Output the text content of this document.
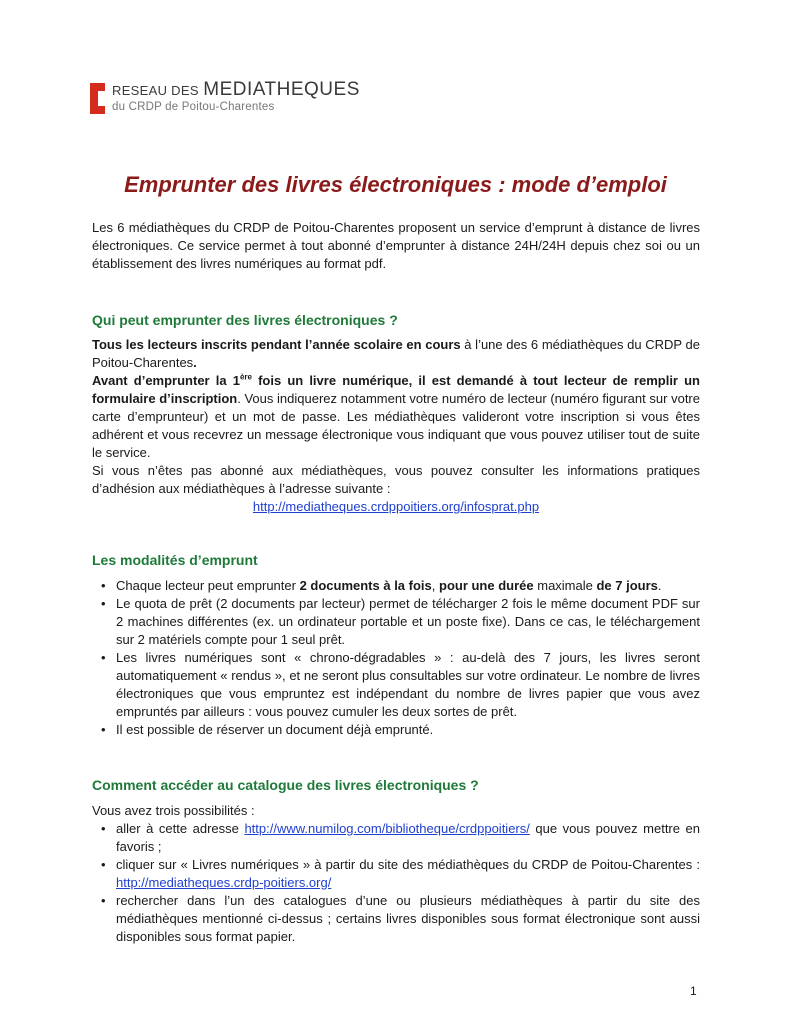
RESEAU DES MEDIATHEQUES
du CRDP de Poitou-Charentes
Emprunter des livres électroniques : mode d’emploi

Les 6 médiathèques du CRDP de Poitou-Charentes proposent un service d’emprunt à distance de livres électroniques. Ce service permet à tout abonné d’emprunter à distance 24H/24H depuis chez soi ou un établissement des livres numériques au format pdf.

Qui peut emprunter des livres électroniques ?

Tous les lecteurs inscrits pendant l’année scolaire en cours à l’une des 6 médiathèques du CRDP de Poitou-Charentes.

Avant d’emprunter la 1ère fois un livre numérique, il est demandé à tout lecteur de remplir un formulaire d’inscription. Vous indiquerez notamment votre numéro de lecteur (numéro figurant sur votre carte d’emprunteur) et un mot de passe. Les médiathèques valideront votre inscription si vous êtes adhérent et vous recevrez un message électronique vous indiquant que vous pouvez utiliser tout de suite le service.

Si vous n’êtes pas abonné aux médiathèques, vous pouvez consulter les informations pratiques d’adhésion aux médiathèques à l’adresse suivante :

http://mediatheques.crdppoitiers.org/infosprat.php

Les modalités d’emprunt
• Chaque lecteur peut emprunter 2 documents à la fois, pour une durée maximale de 7 jours.
• Le quota de prêt (2 documents par lecteur) permet de télécharger 2 fois le même document PDF sur 2 machines différentes (ex. un ordinateur portable et un poste fixe). Dans ce cas, le téléchargement sur 2 matériels compte pour 1 seul prêt.
• Les livres numériques sont « chrono-dégradables » : au-delà des 7 jours, les livres seront automatiquement « rendus », et ne seront plus consultables sur votre ordinateur. Le nombre de livres électroniques que vous empruntez est indépendant du nombre de livres papier que vous avez empruntés par ailleurs : vous pouvez cumuler les deux sortes de prêt.
• Il est possible de réserver un document déjà emprunté.
Comment accéder au catalogue des livres électroniques ?

Vous avez trois possibilités :

• aller à cette adresse http://www.numilog.com/bibliotheque/crdppoitiers/ que vous pouvez mettre en favoris ;
• cliquer sur « Livres numériques » à partir du site des médiathèques du CRDP de Poitou-Charentes : http://mediatheques.crdp-poitiers.org/
• rechercher dans l’un des catalogues d’une ou plusieurs médiathèques à partir du site des médiathèques mentionné ci-dessus ; certains livres disponibles sous format électronique sont aussi disponibles sous format papier.
1
